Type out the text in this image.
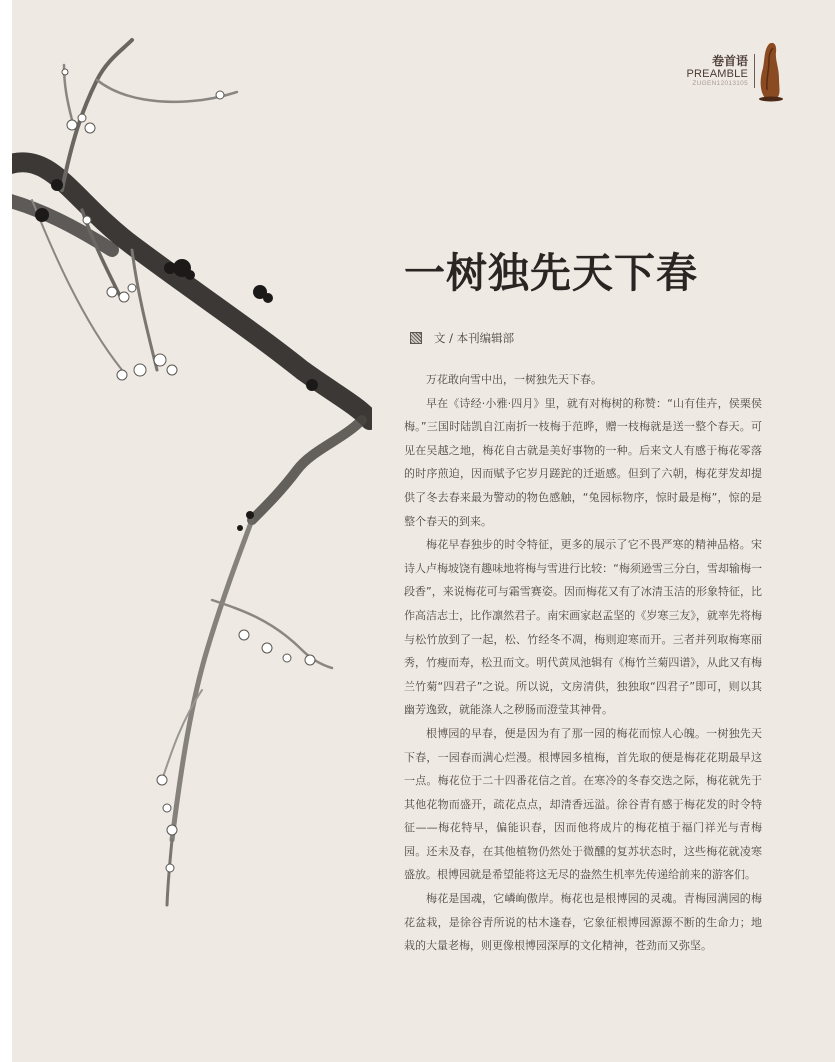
卷首语
PREAMBLE
ZUGEN12013105
一树独先天下春
文 / 本刊编辑部

万花敢向雪中出，一树独先天下春。

早在《诗经·小雅·四月》里，就有对梅树的称赞：“山有佳卉，侯栗侯梅。”三国时陆凯自江南折一枝梅于范晔，赠一枝梅就是送一整个春天。可见在吴越之地，梅花自古就是美好事物的一种。后来文人有感于梅花零落的时序煎迫，因而赋予它岁月蹉跎的迁逝感。但到了六朝，梅花芽发却提供了冬去春来最为警动的物色感触，“兔园标物序，惊时最是梅”，惊的是整个春天的到来。

梅花早春独步的时令特征，更多的展示了它不畏严寒的精神品格。宋诗人卢梅坡饶有趣味地将梅与雪进行比较：“梅须逊雪三分白，雪却输梅一段香”，来说梅花可与霜雪赛姿。因而梅花又有了冰清玉洁的形象特征，比作高洁志士，比作凛然君子。南宋画家赵孟坚的《岁寒三友》，就率先将梅与松竹放到了一起，松、竹经冬不凋，梅则迎寒而开。三者并列取梅寒丽秀，竹瘦而寿，松丑而文。明代黄凤池辑有《梅竹兰菊四谱》，从此又有梅兰竹菊“四君子”之说。所以说，文房清供，独独取“四君子”即可，则以其幽芳逸致，就能涤人之秽肠而澄莹其神骨。

根博园的早春，便是因为有了那一园的梅花而惊人心魄。一树独先天下春，一园春而满心烂漫。根博园多植梅，首先取的便是梅花花期最早这一点。梅花位于二十四番花信之首。在寒冷的冬春交迭之际，梅花就先于其他花物而盛开，疏花点点，却清香远溢。徐谷青有感于梅花发的时令特征——梅花特早，偏能识春，因而他将成片的梅花植于福门祥光与青梅园。还未及春，在其他植物仍然处于微醺的复苏状态时，这些梅花就凌寒盛放。根博园就是希望能将这无尽的盎然生机率先传递给前来的游客们。

梅花是国魂，它嶙峋傲岸。梅花也是根博园的灵魂。青梅园满园的梅花盆栽，是徐谷青所说的枯木逢春，它象征根博园源源不断的生命力；地栽的大量老梅，则更像根博园深厚的文化精神，苍劲而又弥坚。
